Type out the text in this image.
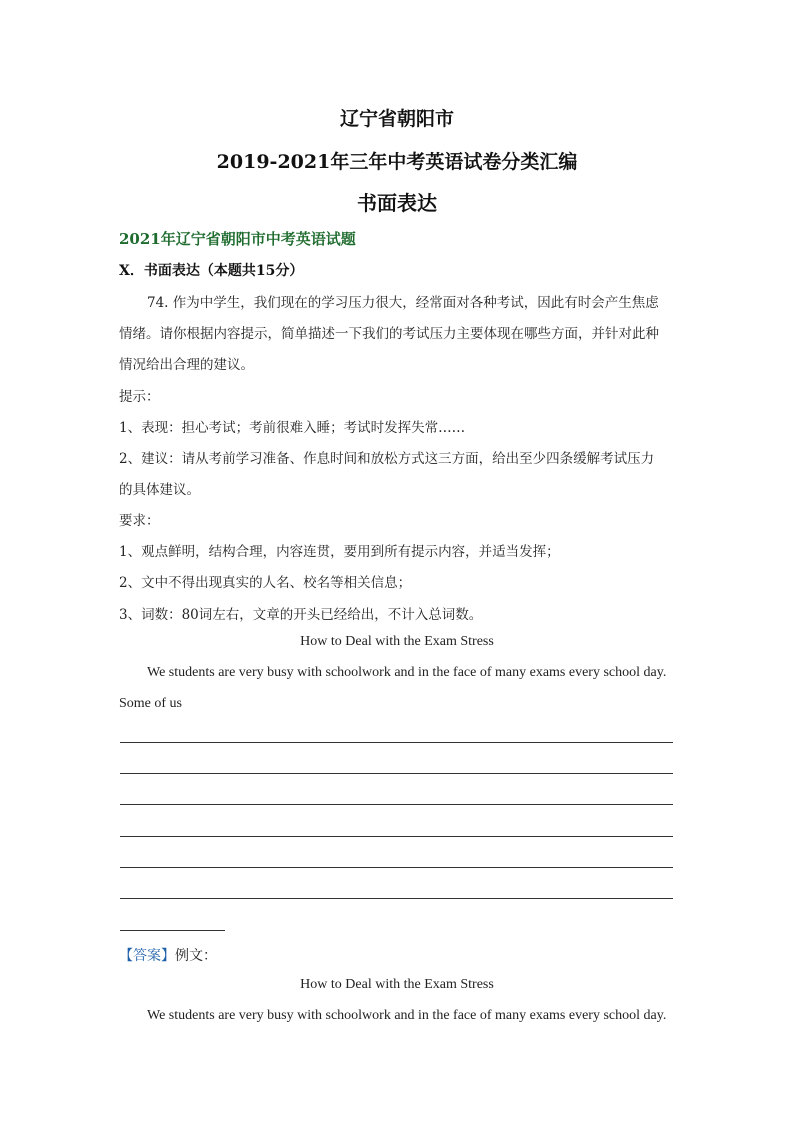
辽宁省朝阳市
2019-2021年三年中考英语试卷分类汇编
书面表达
2021年辽宁省朝阳市中考英语试题
X．书面表达（本题共15分）
74. 作为中学生，我们现在的学习压力很大，经常面对各种考试，因此有时会产生焦虑
情绪。请你根据内容提示，简单描述一下我们的考试压力主要体现在哪些方面，并针对此种
情况给出合理的建议。
提示：
1、表现：担心考试；考前很难入睡；考试时发挥失常……
2、建议：请从考前学习准备、作息时间和放松方式这三方面，给出至少四条缓解考试压力
的具体建议。
要求：
1、观点鲜明，结构合理，内容连贯，要用到所有提示内容，并适当发挥；
2、文中不得出现真实的人名、校名等相关信息；
3、词数：80词左右，文章的开头已经给出，不计入总词数。
How to Deal with the Exam Stress
We students are very busy with schoolwork and in the face of many exams every school day.
Some of us
【答案】例文：
How to Deal with the Exam Stress
We students are very busy with schoolwork and in the face of many exams every school day.
